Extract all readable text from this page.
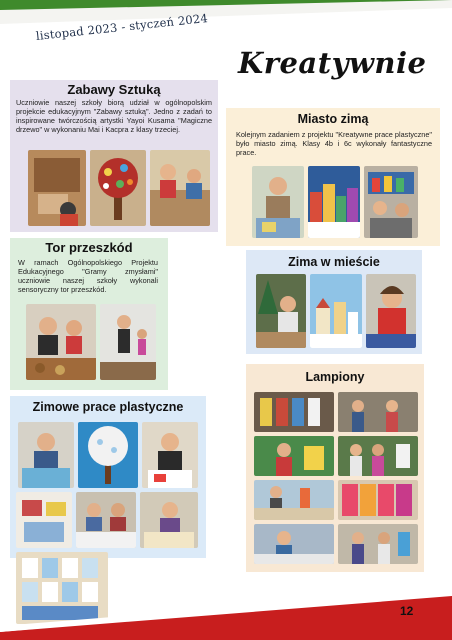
listopad 2023 - styczeń 2024
Kreatywnie
Zabawy Sztuką

Uczniowie naszej szkoły biorą udział w ogólnopolskim projekcie edukacyjnym "Zabawy sztuką". Jedno z zadań to inspirowane twórczością artystki Yayoi Kusama "Magiczne drzewo" w wykonaniu Mai i Kacpra z klasy trzeciej.

Miasto zimą

Kolejnym zadaniem z projektu "Kreatywne prace plastyczne" było miasto zimą. Klasy 4b i 6c wykonały fantastyczne prace.

Tor przeszkód

W ramach Ogólnopolskiego Projektu Edukacyjnego "Gramy zmysłami" uczniowie naszej szkoły wykonali sensoryczny tor przeszkód.

Zima w mieście
Zimowe prace plastyczne
Lampiony
12
